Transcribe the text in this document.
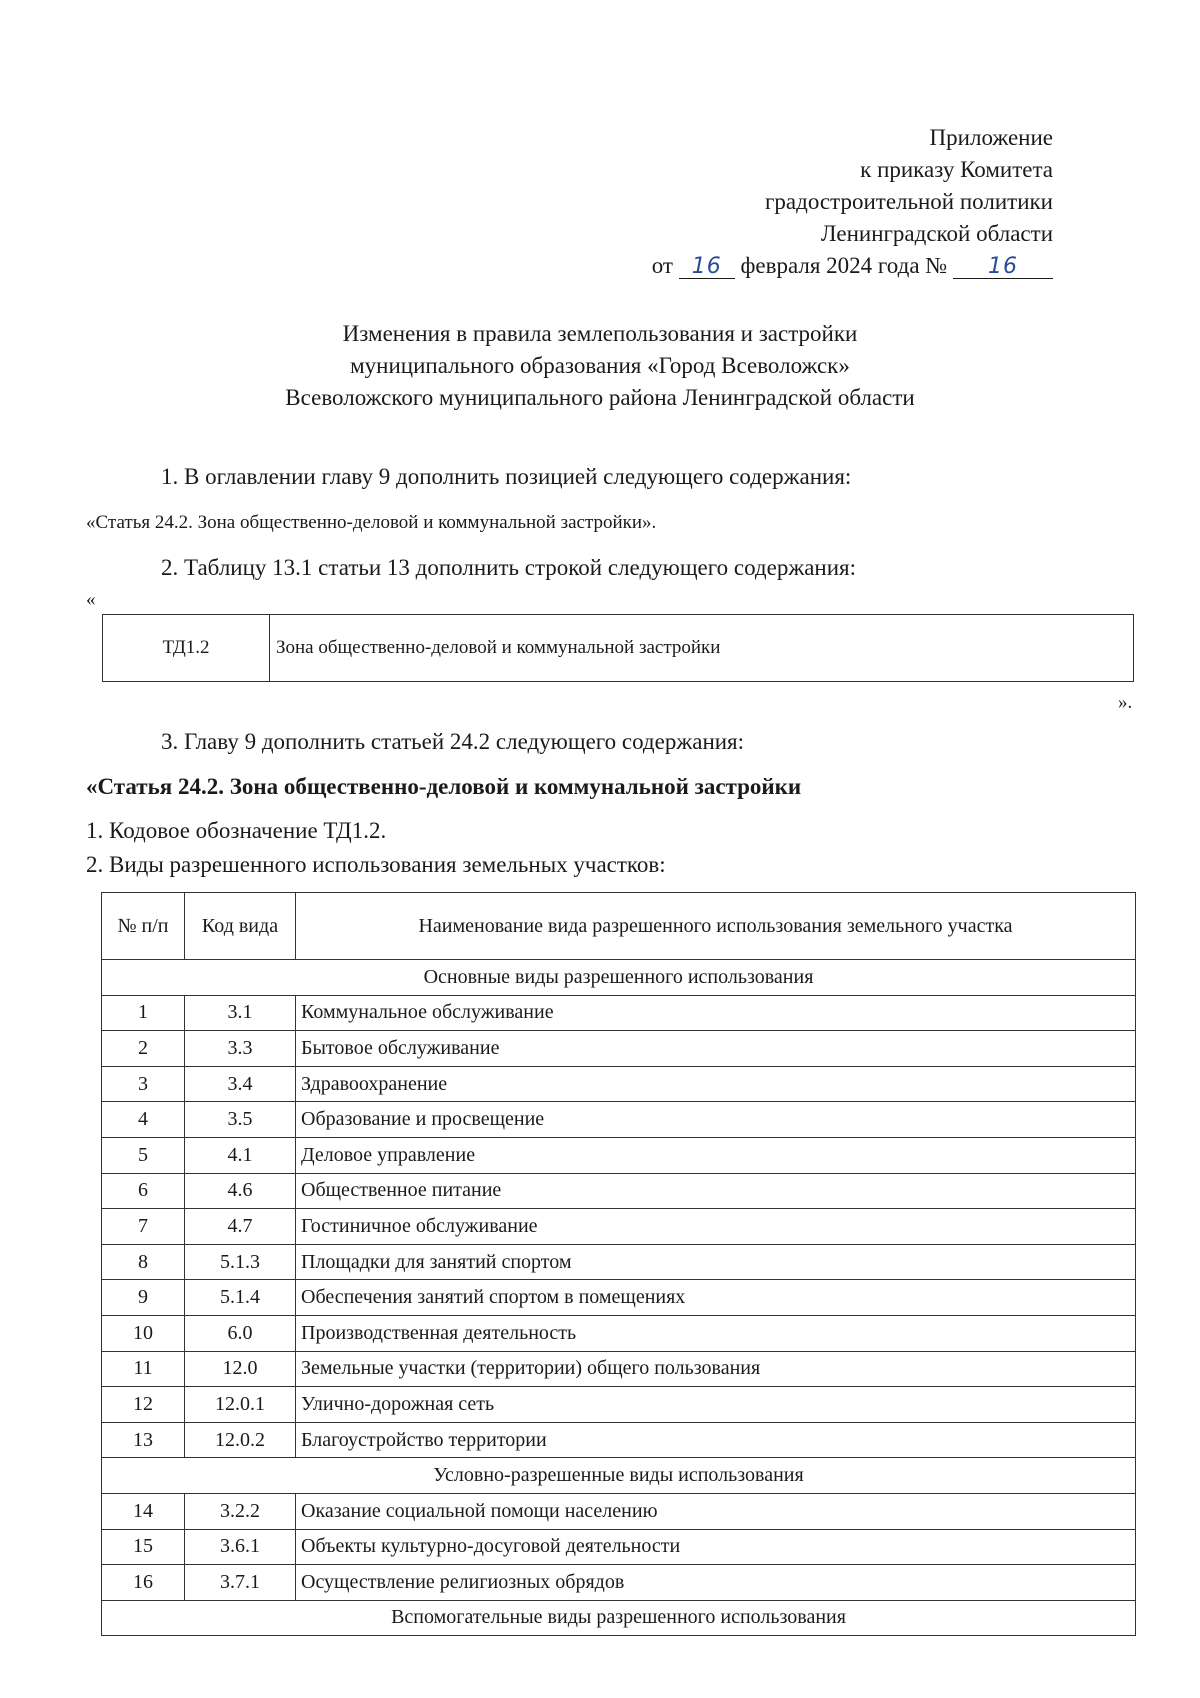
Приложение
к приказу Комитета
градостроительной политики
Ленинградской области
от 16 февраля 2024 года № 16
Изменения в правила землепользования и застройки
муниципального образования «Город Всеволожск»
Всеволожского муниципального района Ленинградской области
1. В оглавлении главу 9 дополнить позицией следующего содержания:
«Статья 24.2. Зона общественно-деловой и коммунальной застройки».
2. Таблицу 13.1 статьи 13 дополнить строкой следующего содержания:
«
ТД1.2	Зона общественно-деловой и коммунальной застройки
».
3. Главу 9 дополнить статьей 24.2 следующего содержания:
«Статья 24.2. Зона общественно-деловой и коммунальной застройки
1. Кодовое обозначение ТД1.2.
2. Виды разрешенного использования земельных участков:
№ п/п	Код вида	Наименование вида разрешенного использования земельного участка
Основные виды разрешенного использования		
1	3.1	Коммунальное обслуживание
2	3.3	Бытовое обслуживание
3	3.4	Здравоохранение
4	3.5	Образование и просвещение
5	4.1	Деловое управление
6	4.6	Общественное питание
7	4.7	Гостиничное обслуживание
8	5.1.3	Площадки для занятий спортом
9	5.1.4	Обеспечения занятий спортом в помещениях
10	6.0	Производственная деятельность
11	12.0	Земельные участки (территории) общего пользования
12	12.0.1	Улично-дорожная сеть
13	12.0.2	Благоустройство территории
Условно-разрешенные виды использования		
14	3.2.2	Оказание социальной помощи населению
15	3.6.1	Объекты культурно-досуговой деятельности
16	3.7.1	Осуществление религиозных обрядов
Вспомогательные виды разрешенного использования		
